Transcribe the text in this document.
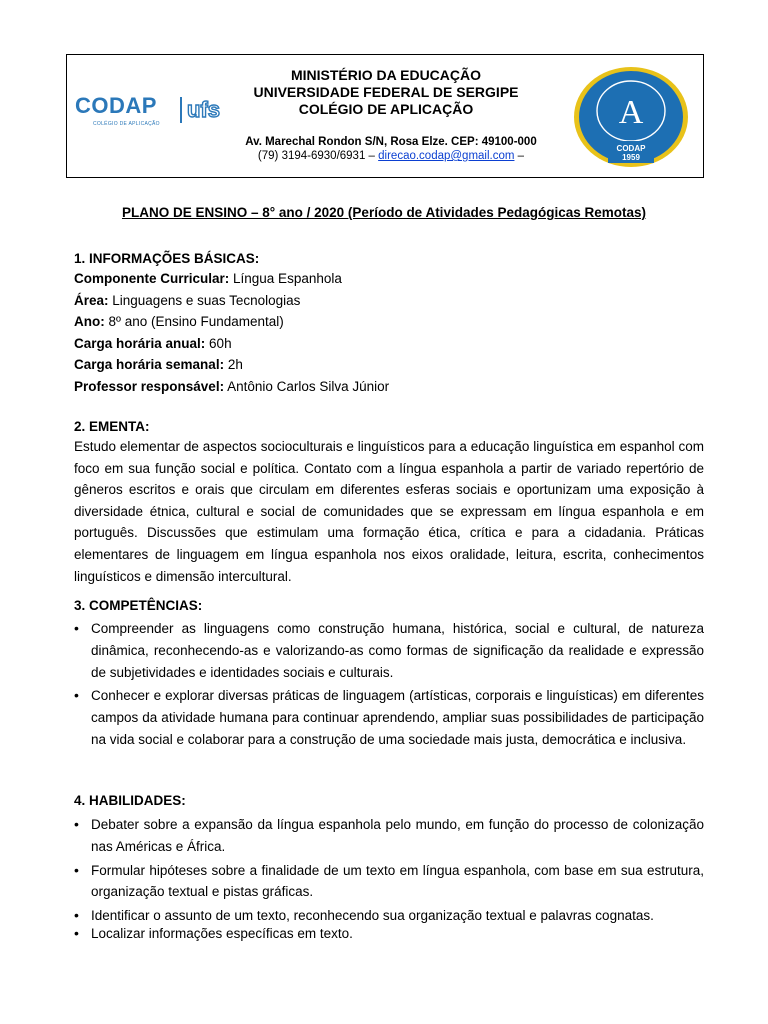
CODAP
COLÉGIO DE APLICAÇÃO
ufs
MINISTÉRIO DA EDUCAÇÃO
UNIVERSIDADE FEDERAL DE SERGIPE
COLÉGIO DE APLICAÇÃO
Av. Marechal Rondon S/N, Rosa Elze. CEP: 49100-000
(79) 3194-6930/6931 – direcao.codap@gmail.com –
A
CODAP
1959
PLANO DE ENSINO – 8° ano / 2020 (Período de Atividades Pedagógicas Remotas)
1. INFORMAÇÕES BÁSICAS:
Componente Curricular: Língua Espanhola
Área: Linguagens e suas Tecnologias
Ano: 8º ano (Ensino Fundamental)
Carga horária anual: 60h
Carga horária semanal: 2h
Professor responsável: Antônio Carlos Silva Júnior
2. EMENTA:
Estudo elementar de aspectos socioculturais e linguísticos para a educação linguística em espanhol com foco em sua função social e política. Contato com a língua espanhola a partir de variado repertório de gêneros escritos e orais que circulam em diferentes esferas sociais e oportunizam uma exposição à diversidade étnica, cultural e social de comunidades que se expressam em língua espanhola e em português. Discussões que estimulam uma formação ética, crítica e para a cidadania. Práticas elementares de linguagem em língua espanhola nos eixos oralidade, leitura, escrita, conhecimentos linguísticos e dimensão intercultural.
3. COMPETÊNCIAS:
• Compreender as linguagens como construção humana, histórica, social e cultural, de natureza dinâmica, reconhecendo-as e valorizando-as como formas de significação da realidade e expressão de subjetividades e identidades sociais e culturais.
• Conhecer e explorar diversas práticas de linguagem (artísticas, corporais e linguísticas) em diferentes campos da atividade humana para continuar aprendendo, ampliar suas possibilidades de participação na vida social e colaborar para a construção de uma sociedade mais justa, democrática e inclusiva.
4. HABILIDADES:
• Debater sobre a expansão da língua espanhola pelo mundo, em função do processo de colonização nas Américas e África.
• Formular hipóteses sobre a finalidade de um texto em língua espanhola, com base em sua estrutura, organização textual e pistas gráficas.
• Identificar o assunto de um texto, reconhecendo sua organização textual e palavras cognatas.
• Localizar informações específicas em texto.
